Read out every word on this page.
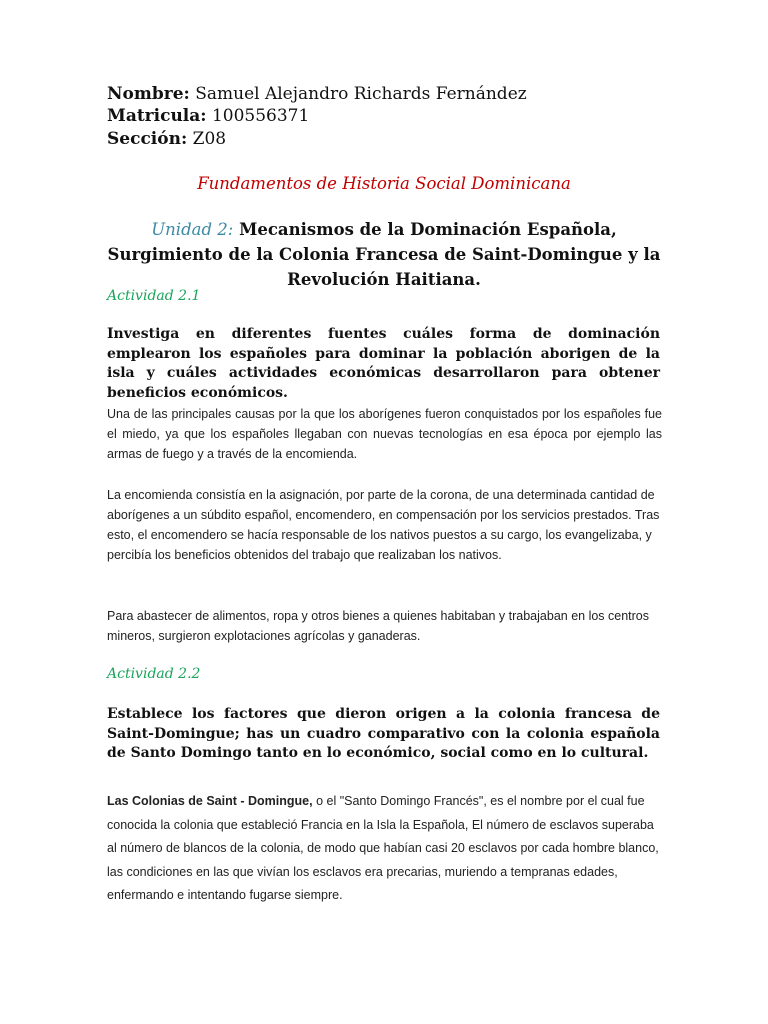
Nombre: Samuel Alejandro Richards Fernández
Matricula: 100556371
Sección: Z08
Fundamentos de Historia Social Dominicana
Unidad 2: Mecanismos de la Dominación Española, Surgimiento de la Colonia Francesa de Saint-Domingue y la Revolución Haitiana.
Actividad 2.1
Investiga en diferentes fuentes cuáles forma de dominación emplearon los españoles para dominar la población aborigen de la isla y cuáles actividades económicas desarrollaron para obtener beneficios económicos.
Una de las principales causas por la que los aborígenes fueron conquistados por los españoles fue el miedo, ya que los españoles llegaban con nuevas tecnologías en esa época por ejemplo las armas de fuego y a través de la encomienda.
La encomienda consistía en la asignación, por parte de la corona, de una determinada cantidad de aborígenes a un súbdito español, encomendero, en compensación por los servicios prestados. Tras esto, el encomendero se hacía responsable de los nativos puestos a su cargo, los evangelizaba, y percibía los beneficios obtenidos del trabajo que realizaban los nativos.
Para abastecer de alimentos, ropa y otros bienes a quienes habitaban y trabajaban en los centros mineros, surgieron explotaciones agrícolas y ganaderas.
Actividad 2.2
Establece los factores que dieron origen a la colonia francesa de Saint-Domingue; has un cuadro comparativo con la colonia española de Santo Domingo tanto en lo económico, social como en lo cultural.
Las Colonias de Saint - Domingue, o el "Santo Domingo Francés", es el nombre por el cual fue conocida la colonia que estableció Francia en la Isla la Española, El número de esclavos superaba al número de blancos de la colonia, de modo que habían casi 20 esclavos por cada hombre blanco, las condiciones en las que vivían los esclavos era precarias, muriendo a tempranas edades, enfermando e intentando fugarse siempre.
